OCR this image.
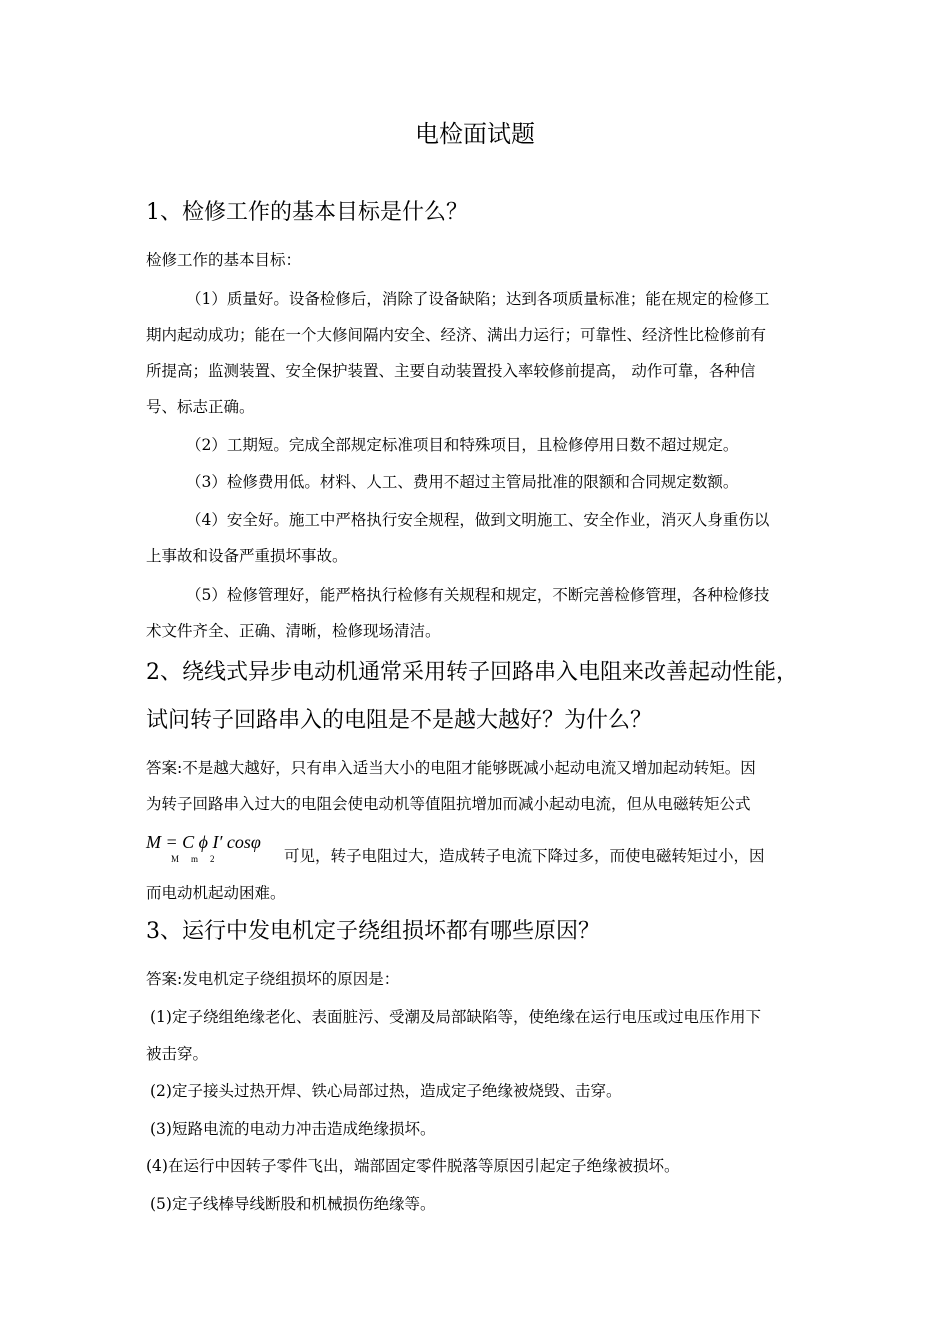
电检面试题
1、检修工作的基本目标是什么？
检修工作的基本目标：
（1）质量好。设备检修后，消除了设备缺陷；达到各项质量标准；能在规定的检修工
期内起动成功；能在一个大修间隔内安全、经济、满出力运行；可靠性、经济性比检修前有
所提高；监测装置、安全保护装置、主要自动装置投入率较修前提高， 动作可靠，各种信
号、标志正确。
（2）工期短。完成全部规定标准项目和特殊项目，且检修停用日数不超过规定。
（3）检修费用低。材料、人工、费用不超过主管局批准的限额和合同规定数额。
（4）安全好。施工中严格执行安全规程，做到文明施工、安全作业，消灭人身重伤以
上事故和设备严重损坏事故。
（5）检修管理好，能严格执行检修有关规程和规定，不断完善检修管理，各种检修技
术文件齐全、正确、清晰，检修现场清洁。
2、绕线式异步电动机通常采用转子回路串入电阻来改善起动性能，
试问转子回路串入的电阻是不是越大越好？为什么？
答案:不是越大越好，只有串入适当大小的电阻才能够既减小起动电流又增加起动转矩。因
为转子回路串入过大的电阻会使电动机等值阻抗增加而减小起动电流，但从电磁转矩公式
M = C ϕ I′ cosφ
M m 2	可见，转子电阻过大，造成转子电流下降过多，而使电磁转矩过小，因
而电动机起动困难。
3、运行中发电机定子绕组损坏都有哪些原因？
答案:发电机定子绕组损坏的原因是：
(1)定子绕组绝缘老化、表面脏污、受潮及局部缺陷等，使绝缘在运行电压或过电压作用下
被击穿。
(2)定子接头过热开焊、铁心局部过热，造成定子绝缘被烧毁、击穿。
(3)短路电流的电动力冲击造成绝缘损坏。
(4)在运行中因转子零件飞出，端部固定零件脱落等原因引起定子绝缘被损坏。
(5)定子线棒导线断股和机械损伤绝缘等。
